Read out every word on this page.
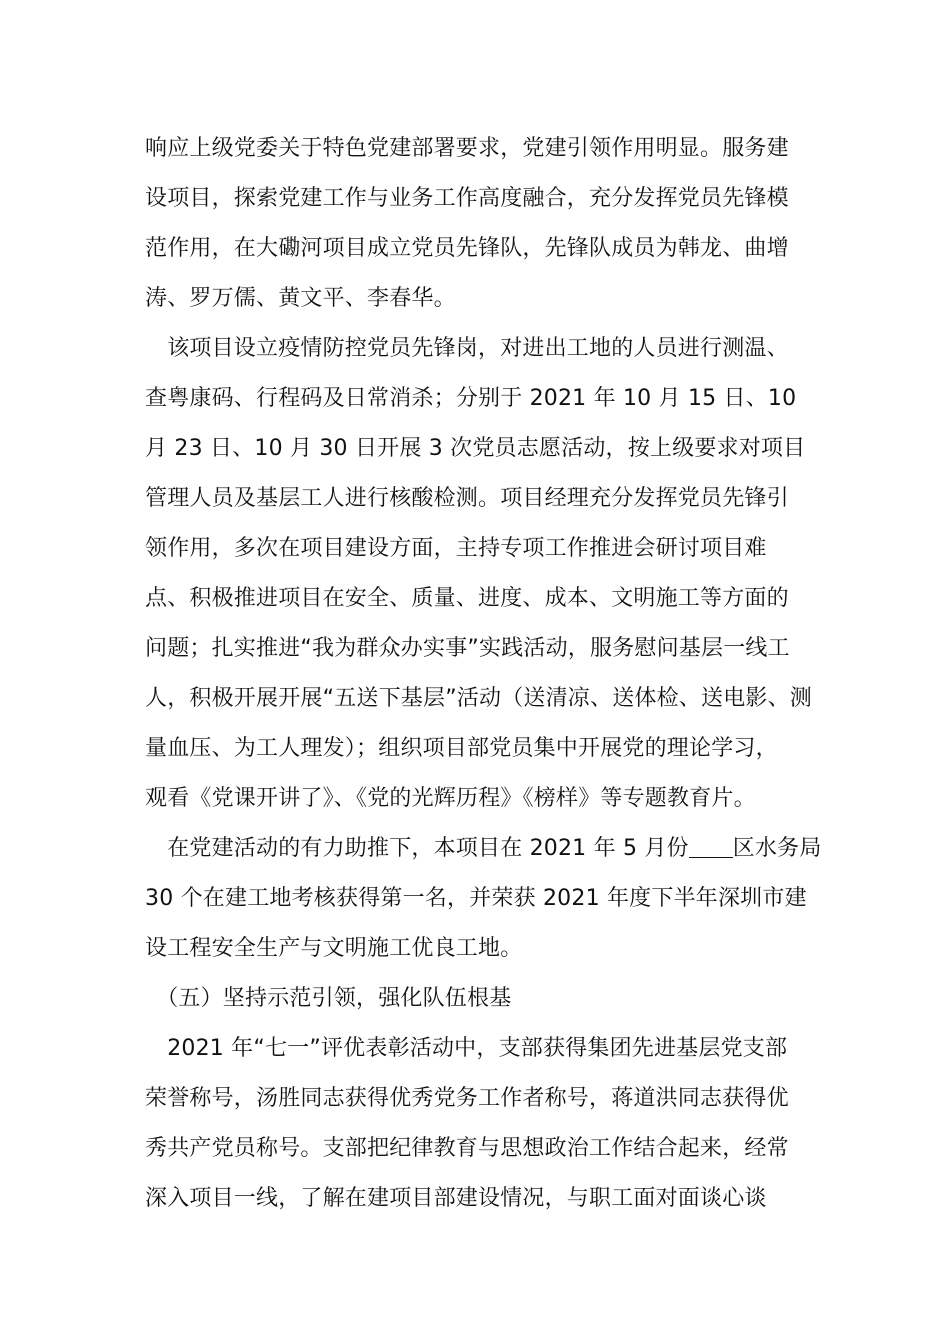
响应上级党委关于特色党建部署要求，党建引领作用明显。服务建
设项目，探索党建工作与业务工作高度融合，充分发挥党员先锋模
范作用，在大磡河项目成立党员先锋队，先锋队成员为韩龙、曲增
涛、罗万儒、黄文平、李春华。
　该项目设立疫情防控党员先锋岗，对进出工地的人员进行测温、
查粤康码、行程码及日常消杀；分别于 2021 年 10 月 15 日、10
月 23 日、10 月 30 日开展 3 次党员志愿活动，按上级要求对项目
管理人员及基层工人进行核酸检测。项目经理充分发挥党员先锋引
领作用，多次在项目建设方面，主持专项工作推进会研讨项目难
点、积极推进项目在安全、质量、进度、成本、文明施工等方面的
问题；扎实推进“我为群众办实事”实践活动，服务慰问基层一线工
人，积极开展开展“五送下基层”活动（送清凉、送体检、送电影、测
量血压、为工人理发）；组织项目部党员集中开展党的理论学习，
观看《党课开讲了》、《党的光辉历程》《榜样》等专题教育片。
　在党建活动的有力助推下，本项目在 2021 年 5 月份 区水务局
30 个在建工地考核获得第一名，并荣获 2021 年度下半年深圳市建
设工程安全生产与文明施工优良工地。
　（五）坚持示范引领，强化队伍根基
　2021 年“七一”评优表彰活动中，支部获得集团先进基层党支部
荣誉称号，汤胜同志获得优秀党务工作者称号，蒋道洪同志获得优
秀共产党员称号。支部把纪律教育与思想政治工作结合起来，经常
深入项目一线，了解在建项目部建设情况，与职工面对面谈心谈
